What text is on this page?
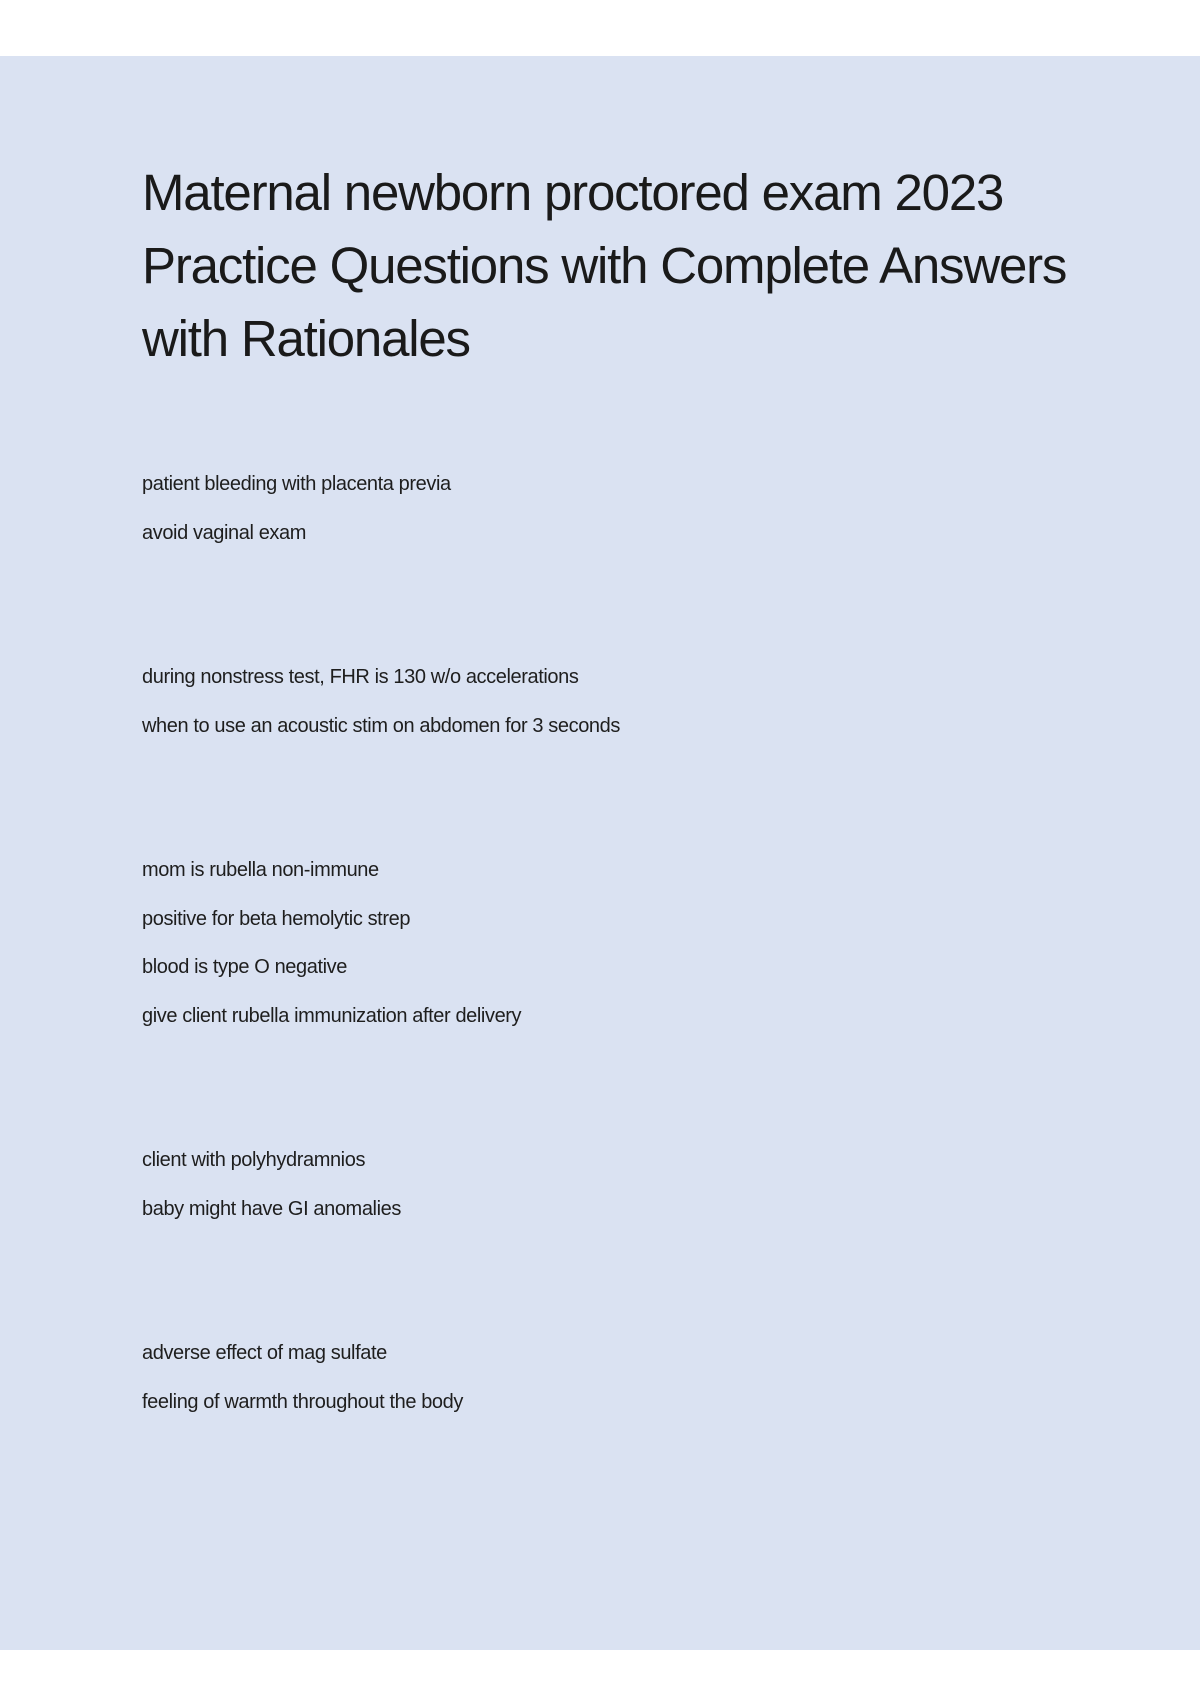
Maternal newborn proctored exam 2023
Practice Questions with Complete Answers
with Rationales

patient bleeding with placenta previa

avoid vaginal exam

during nonstress test, FHR is 130 w/o accelerations

when to use an acoustic stim on abdomen for 3 seconds

mom is rubella non-immune

positive for beta hemolytic strep

blood is type O negative

give client rubella immunization after delivery

client with polyhydramnios

baby might have GI anomalies

adverse effect of mag sulfate

feeling of warmth throughout the body
